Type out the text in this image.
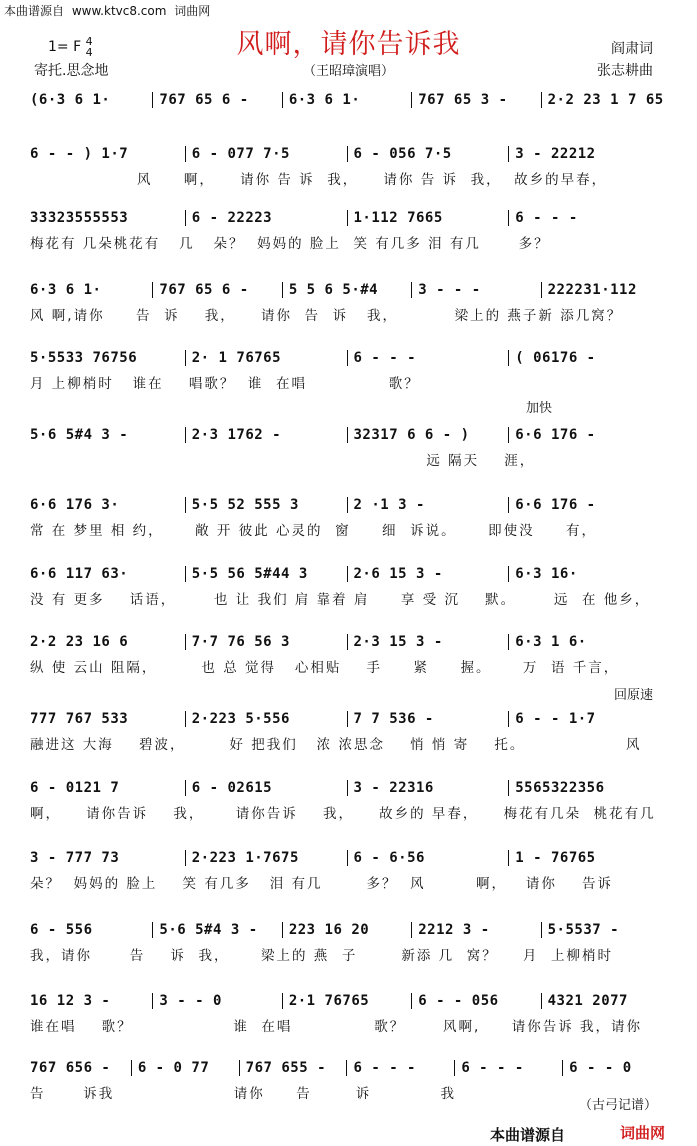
本曲谱源自 www.ktvc8.com 词曲网
1= F 4
4	风啊，请你告诉我
寄托.思念地	（王昭璋演唱）
阎肃词
张志耕曲
(6·3 6 1·	767 65 6 -	6·3 6 1·	767 65 3 -	2·2 23 1 7 65
6 - - ) 1·7	6 - 077 7·5	6 - 056 7·5	3 - 22212
风     啊，    请你 告 诉  我，    请你 告 诉  我，  故乡的早春，
33323555553	6 - 22223	1·112 7665	6 - - -
梅花有 几朵桃花有   几   朵？  妈妈的 脸上  笑 有几多 泪 有几      多？
6·3 6 1·	767 65 6 -	5 5 6 5·#4	3 - - -	222231·112
风 啊,请你     告  诉    我，    请你  告  诉   我，         梁上的 燕子新 添几窝？
5·5533 76756	2· 1 76765	6 - - -	( 06176 -
月 上柳梢时   谁在    唱歌？  谁  在唱             歌？
5·6 5#4 3 -	2·3 1762 -	32317 6 6 - )	6·6 176 -
远 隔天    涯，
6·6 176 3·	5·5 52 555 3	2 ·1 3 -	6·6 176 -
常 在 梦里 相 约，     敞 开 彼此 心灵的  窗     细  诉说。     即使没     有，
6·6 117 63·	5·5 56 5#44 3	2·6 15 3 -	6·3 16·
没 有 更多    话语，      也 让 我们 肩 靠着 肩     享 受 沉    默。      远  在 他乡，
2·2 23 16 6	7·7 76 56 3	2·3 15 3 -	6·3 1 6·
纵 使 云山 阻隔，       也 总 觉得   心相贴    手     紧     握。     万  语 千言，
777 767 533	2·223 5·556	7 7 536 -	6 - - 1·7
融进这 大海    碧波，       好 把我们   浓 浓思念    悄 悄 寄    托。                风
6 - 0121 7	6 - 02615	3 - 22316	5565322356
啊，    请你告诉    我，     请你告诉    我，    故乡的 早春，    梅花有几朵  桃花有几
3 - 777 73	2·223 1·7675	6 - 6·56	1 - 76765
朵？  妈妈的 脸上    笑 有几多   泪 有几       多？  风        啊，   请你    告诉
6 - 556	5·6 5#4 3 -	223 16 20	2212 3 -	5·5537 -
我，请你      告    诉  我，     梁上的 燕  子       新添 几  窝？    月  上柳梢时
16 12 3 -	3 - - 0	2·1 76765	6 - - 056	4321 2077
谁在唱    歌？                谁  在唱             歌？      风啊,     请你告诉 我，请你
767 656 -	6 - 0 77	767 655 -	6 - - -	6 - - -	6 - - 0
告      诉我                   请你     告       诉           我
加快
回原速
（古弓记谱）
本曲谱源自	词曲网
